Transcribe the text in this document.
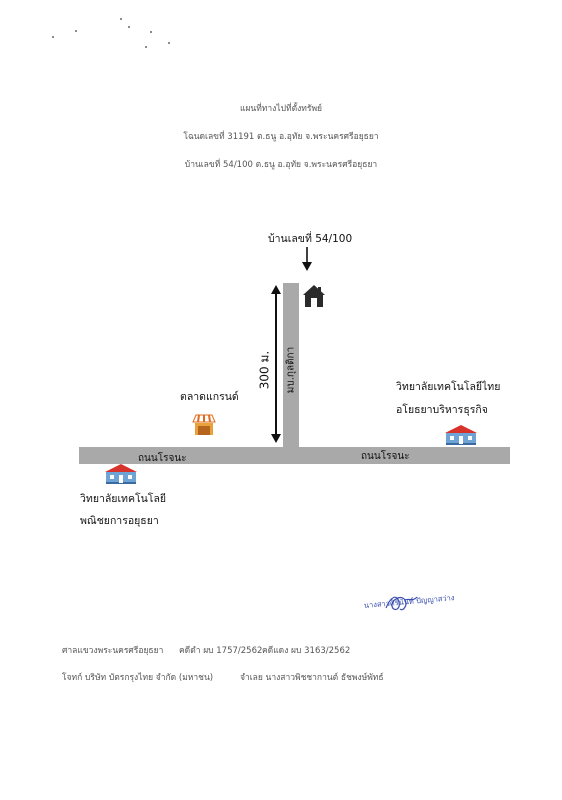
แผนที่ทางไปที่ตั้งทรัพย์
โฉนดเลขที่ 31191 ต.ธนู อ.อุทัย จ.พระนครศรีอยุธยา
บ้านเลขที่ 54/100 ต.ธนู อ.อุทัย จ.พระนครศรีอยุธยา
บ้านเลขที่ 54/100
มบ.กุลติกา
300 ม.
ถนนโรจนะ	ถนนโรจนะ
ตลาดแกรนด์
วิทยาลัยเทคโนโลยีไทย
อโยธยาบริหารธุรกิจ
วิทยาลัยเทคโนโลยี
พณิชยการอยุธยา
นางสาวศิรินันท์ ปัญญาสว่าง
ศาลแขวงพระนครศรีอยุธยา คดีดำ ผบ 1757/2562 คดีแดง ผบ 3163/2562
โจทก์ บริษัท บัตรกรุงไทย จำกัด (มหาชน)	จำเลย นางสาวพิชชากานต์ ธัชพงษ์พัทธ์
